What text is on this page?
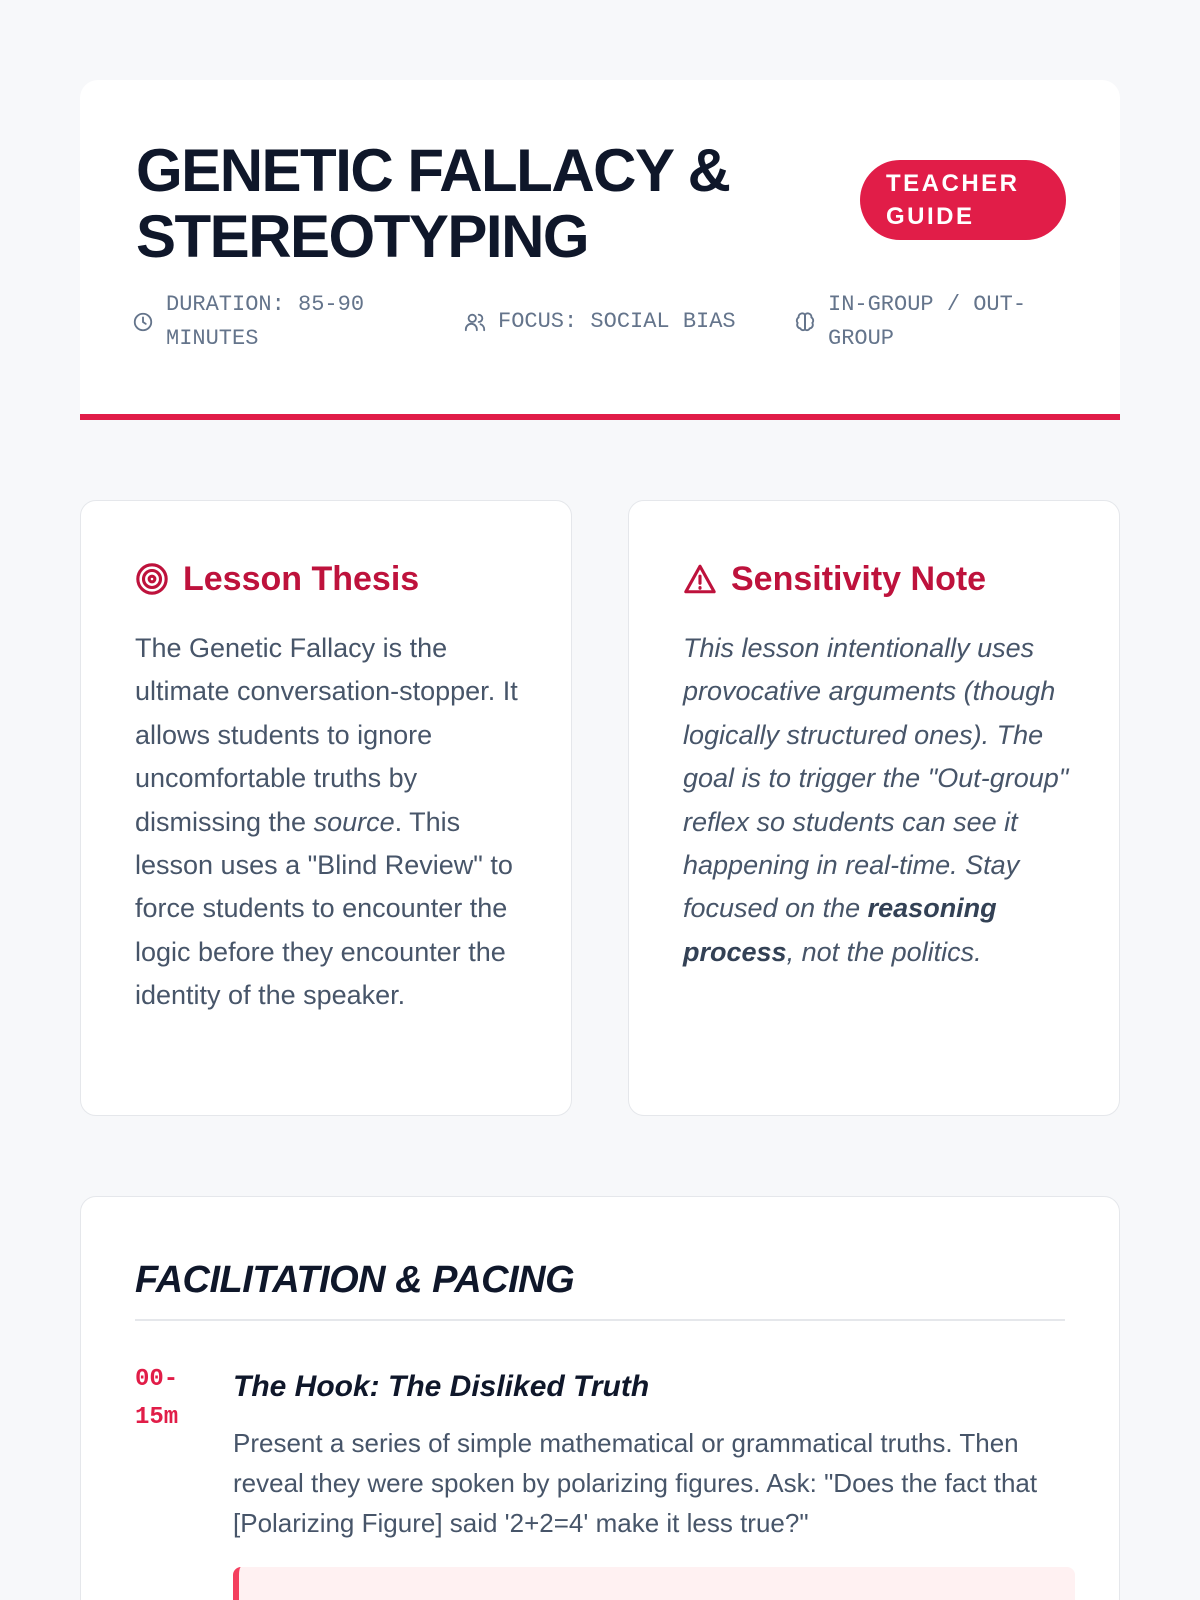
GENETIC FALLACY & STEREOTYPING
TEACHER GUIDE
DURATION: 85-90 MINUTES
FOCUS: SOCIAL BIAS
IN-GROUP / OUT-GROUP
Lesson Thesis

The Genetic Fallacy is the ultimate conversation-stopper. It allows students to ignore uncomfortable truths by dismissing the source. This lesson uses a "Blind Review" to force students to encounter the logic before they encounter the identity of the speaker.

Sensitivity Note

This lesson intentionally uses provocative arguments (though logically structured ones). The goal is to trigger the "Out-group" reflex so students can see it happening in real-time. Stay focused on the reasoning process, not the politics.

FACILITATION & PACING
00-15m
The Hook: The Disliked Truth

Present a series of simple mathematical or grammatical truths. Then reveal they were spoken by polarizing figures. Ask: "Does the fact that [Polarizing Figure] said '2+2=4' make it less true?"
